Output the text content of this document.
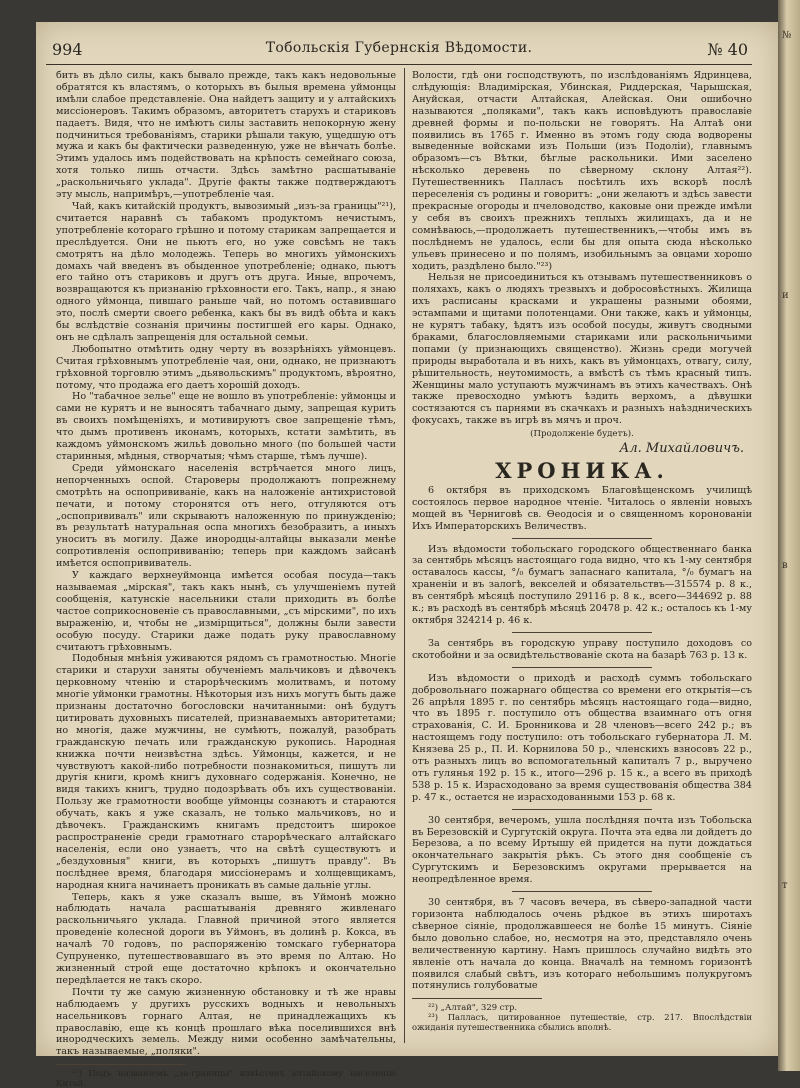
№
и
в
т
994	Тобольскія Губернскія Вѣдомости.	№ 40

бить въ дѣло силы, какъ бывало прежде, такъ какъ недовольные обратятся къ властямъ, о которыхъ въ былыя времена уймонцы имѣли слабое представленіе. Она найдетъ защиту и у алтайскихъ миссіонеровъ. Такимъ образомъ, авторитетъ старухъ и стариковъ падаетъ. Видя, что не имѣютъ силы заставить непокорную жену подчиниться требованіямъ, старики рѣшали такую, ущедшую отъ мужа и какъ бы фактически разведенную, уже не вѣнчать болѣе. Этимъ удалось имъ подействовать на крѣпость семейнаго союза, хотя только лишь отчасти. Здѣсь замѣтно расшатываніе „раскольничьяго уклада". Другіе факты также подтверждаютъ эту мысль, напримѣръ,—употребленіе чая.

Чай, какъ китайскій продуктъ, вывозимый „изъ-за границы"²¹), считается наравнѣ съ табакомъ продуктомъ нечистымъ, употребленіе котораго грѣшно и потому старикам запрещается и преслѣдуется. Они не пьютъ его, но уже совсѣмъ не такъ смотрятъ на дѣло молодежь. Теперь во многихъ уймонскихъ домахъ чай введенъ въ обыденное употребленіе; однако, пьютъ его тайно отъ стариковъ и другъ отъ друга. Иные, впрочемъ, возвращаются къ признанію грѣховности его. Такъ, напр., я знаю одного уймонца, пившаго раньше чай, но потомъ оставившаго это, послѣ смерти своего ребенка, какъ бы въ видѣ обѣта и какъ бы вслѣдствіе сознанія причины постигшей его кары. Однако, онъ не сдѣлалъ запрещенія для остальной семьи.

Любопытно отмѣтить одну черту въ воззрѣніяхъ уймонцевъ. Считая грѣховнымъ употребленіе чая, они, однако, не признаютъ грѣховной торговлю этимъ „дьявольскимъ" продуктомъ, вѣроятно, потому, что продажа его даетъ хорошій доходъ.

Но "табачное зелье" еще не вошло въ употребленіе: уймонцы и сами не курятъ и не выносятъ табачнаго дыму, запрещая курить въ своихъ помѣщеніяхъ, и мотивируютъ свое запрещеніе тѣмъ, что дымъ противенъ иконамъ, которыхъ, кстати замѣтить, въ каждомъ уймонскомъ жильѣ довольно много (по большей части старинныя, мѣдныя, створчатыя; чѣмъ старше, тѣмъ лучше).

Среди уймонскаго населенія встрѣчается много лицъ, непорченныхъ оспой. Староверы продолжаютъ попрежнему смотрѣть на оспопрививаніе, какъ на наложеніе антихристовой печати, и потому сторонятся отъ него, отгуляются отъ „оспопрививалъ" или скрываютъ наложенную по принужденію; въ результатѣ натуральная оспа многихъ безобразитъ, а иныхъ уноситъ въ могилу. Даже инородцы-алтайцы выказали менѣе сопротивленія оспопрививанію; теперь при каждомъ зайсанѣ имѣется оспопрививатель.

У каждаго верхнеуймонца имѣется особая посуда—такъ называемая „мірская", такъ какъ нынѣ, съ улучшеніемъ путей сообщенія, катунскіе насельники стали приходить въ болѣе частое соприкосновеніе съ православными, „съ мірскими", по ихъ выраженію, и, чтобы не „измірщиться", должны были завести особую посуду. Старики даже подать руку православному считаютъ грѣховнымъ.

Подобныя мнѣнія уживаются рядомъ съ грамотностью. Многіе старики и старухи заняты обученіемъ мальчиковъ и дѣвочекъ церковному чтенію и старорѣческимъ молитвамъ, и потому многіе уймонки грамотны. Нѣкоторыя изъ нихъ могутъ быть даже признаны достаточно богословски начитанными: онѣ будутъ цитировать духовныхъ писателей, признаваемыхъ авторитетами; но многія, даже мужчины, не сумѣютъ, пожалуй, разобрать гражданскую печать или гражданскую рукопись. Народная книжка почти неизвѣстна здѣсь. Уймонцы, кажется, и не чувствуютъ какой-либо потребности познакомиться, пишутъ ли другія книги, кромѣ книгъ духовнаго содержанія. Конечно, не видя такихъ книгъ, трудно подозрѣвать объ ихъ существованіи. Пользу же грамотности вообще уймонцы сознаютъ и стараются обучать, какъ я уже сказалъ, не только мальчиковъ, но и дѣвочекъ. Гражданскимъ книгамъ предстоитъ широкое распространеніе среди грамотнаго старорѣческаго алтайскаго населенія, если оно узнаетъ, что на свѣтѣ существуютъ и „бездуховныя" книги, въ которыхъ „пишутъ правду". Въ послѣднее время, благодаря миссіонерамъ и холщевщикамъ, народная книга начинаетъ проникать въ самые дальніе углы.

Теперь, какъ я уже сказалъ выше, въ Уймонѣ можно наблюдать начала расшатыванія древняго живленаго раскольничьяго уклада. Главной причиной этого является проведеніе колесной дороги въ Уймонъ, въ долинѣ р. Кокса, въ началѣ 70 годовъ, по распоряженію томскаго губернатора Супруненко, путешествовавшаго въ это время по Алтаю. Но жизненный строй еще достаточно крѣпокъ и окончательно передѣлается не такъ скоро.

Почти ту же самую жизненную обстановку и тѣ же нравы наблюдаемъ у другихъ русскихъ водныхъ и невольныхъ насельниковъ горнаго Алтая, не принадлежащихъ къ православію, еще къ концѣ прошлаго вѣка поселившихся внѣ инородческихъ земель. Между ними особенно замѣчательны, такъ называемые, „поляки".

²¹) Подъ названіемъ „за-границы" извѣстенъ алтайскому населенію Китай.

Волости, гдѣ они господствуютъ, по изслѣдованіямъ Ядринцева, слѣдующія: Владимірская, Убинская, Риддерская, Чарышская, Ануйская, отчасти Алтайская, Алейская. Они ошибочно называются „поляками", такъ какъ исповѣдуютъ православіе древней формы и по-польски не говорятъ. На Алтаѣ они появились въ 1765 г. Именно въ этомъ году сюда водворены выведенные войсками изъ Польши (изъ Подоліи), главнымъ образомъ—съ Вѣтки, бѣглые раскольники. Ими заселено нѣсколько деревень по сѣверному склону Алтая²²). Путешественникъ Палласъ посѣтилъ ихъ вскорѣ послѣ переселенія съ родины и говоритъ: „они желаютъ и здѣсь завести прекрасные огороды и пчеловодство, каковые они прежде имѣли у себя въ своихъ прежнихъ теплыхъ жилищахъ, да и не сомнѣваюсь,—продолжаетъ путешественникъ,—чтобы имъ въ послѣднемъ не удалось, если бы для опыта сюда нѣсколько ульевъ принесено и по полямъ, изобильнымъ за овцами хорошо ходить, раздѣлено было."²³)

Нельзя не присоединиться къ отзывамъ путешественниковъ о поляхахъ, какъ о людяхъ трезвыхъ и добросовѣстныхъ. Жилища ихъ расписаны красками и украшены разными обоями, эстампами и щитами полотенцами. Они также, какъ и уймонцы, не курятъ табаку, ѣдятъ изъ особой посуды, живутъ сводными браками, благословляемыми стариками или раскольничьими попами (у признающихъ священство). Жизнь среди могучей природы выработала и въ нихъ, какъ въ уймонцахъ, отвагу, силу, рѣшительность, неутомимость, а вмѣстѣ съ тѣмъ красный типъ. Женщины мало уступаютъ мужчинамъ въ этихъ качествахъ. Онѣ также превосходно умѣютъ ѣздить верхомъ, а дѣвушки состязаются съ парнями въ скачкахъ и разныхъ наѣздническихъ фокусахъ, также въ игрѣ въ мячъ и проч.

(Продолженіе будетъ).
Ал. Михайловичъ.
ХРОНИКА.

6 октября въ приходскомъ Благовѣщенскомъ училищѣ состоялось первое народное чтеніе. Читалось о явленіи новыхъ мощей въ Черниговѣ св. Ѳеодосія и о священномъ короновaніи Ихъ Императорскихъ Величествъ.

Изъ вѣдомости тобольскаго городского общественнаго банка за сентябрь мѣсяцъ настоящаго года видно, что къ 1-му сентября оставалось кассы, °/₀ бумагъ запаснаго капитала, °/₀ бумагъ на храненіи и въ залогѣ, векселей и обязательствъ—315574 р. 8 к., въ сентябрѣ мѣсяцѣ поступило 29116 р. 8 к., всего—344692 р. 88 к.; въ расходѣ въ сентябрѣ мѣсяцѣ 20478 р. 42 к.; осталось къ 1-му октября 324214 р. 46 к.

За сентябрь въ городскую управу поступило доходовъ со скотобойни и за освидѣтельствованіе скота на базарѣ 763 р. 13 к.

Изъ вѣдомости о приходѣ и расходѣ суммъ тобольскаго добровольнаго пожарнаго общества со времени его открытія—съ 26 апрѣля 1895 г. по сентябрь мѣсяцъ настоящаго года—видно, что въ 1895 г. поступило отъ общества взаимнаго отъ огня страхованія, С. И. Бронникова и 28 членовъ—всего 242 р.; въ настоящемъ году поступило: отъ тобольскаго губернатора Л. М. Князева 25 р., П. И. Корнилова 50 р., членскихъ взносовъ 22 р., отъ разныхъ лицъ во вспомогательный капиталъ 7 р., выручено отъ гулянья 192 р. 15 к., итого—296 р. 15 к., а всего въ приходѣ 538 р. 15 к. Израсходовано за время существованія общества 384 р. 47 к., остается не израсходованными 153 р. 68 к.

30 сентября, вечеромъ, ушла послѣдняя почта изъ Тобольска въ Березовскій и Сургутскій округа. Почта эта едва ли дойдетъ до Березова, а по всему Иртышу ей придется на пути дождаться окончательнаго закрытія рѣкъ. Съ этого дня сообщеніе съ Сургутскимъ и Березовскимъ округами прерывается на неопредѣленное время.

30 сентября, въ 7 часовъ вечера, въ сѣверо-западной части горизонта наблюдалось очень рѣдкое въ этихъ широтахъ сѣверное сіяніе, продолжавшееся не болѣе 15 минутъ. Сіяніе было довольно слабое, но, несмотря на это, представляло очень величественную картину. Намъ пришлось случайно видѣть это явленіе отъ начала до конца. Вначалѣ на темномъ горизонтѣ появился слабый свѣтъ, изъ котораго небольшимъ полукругомъ потянулись голубоватые

²²) „Алтай", 329 стр.

²³) Палласъ, цитированное путешествіе, стр. 217. Впослѣдствіи ожиданія путешественника сбылись вполнѣ.
